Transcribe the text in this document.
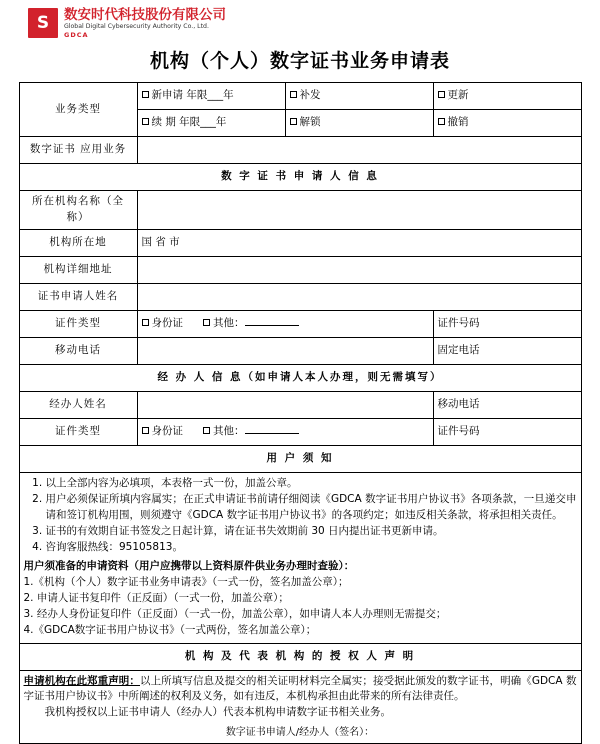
S 数安时代科技股份有限公司
Global Digital Cybersecurity Authority Co., Ltd.
GDCA
机构（个人）数字证书业务申请表
业务类型	新申请 年限___年	补发	更新
	续 期 年限___年	解锁	撤销
数字证书 应用业务			
数 字 证 书 申 请 人 信 息			
所在机构名称（全称）			
机构所在地	国 省 市		
机构详细地址			
证书申请人姓名			
证件类型	身份证 其他：		证件号码
移动电话			固定电话
经 办 人 信 息（如申请人本人办理，则无需填写）			
经办人姓名			移动电话
证件类型	身份证 其他：		证件号码
用 户 须 知			

1. 以上全部内容为必填项，本表格一式一份，加盖公章。
2. 用户必须保证所填内容属实；在正式申请证书前请仔细阅读《GDCA 数字证书用户协议书》各项条款，一旦递交申请和签订机构用围，则须遵守《GDCA 数字证书用户协议书》的各项约定；如违反相关条款，将承担相关责任。
3. 证书的有效期自证书签发之日起计算，请在证书失效期前 30 日内提出证书更新申请。
4. 咨询客服热线：95105813。
用户须准备的申请资料（用户应携带以上资料原件供业务办理时查验）：
1.《机构（个人）数字证书业务申请表》（一式一份，签名加盖公章）；
2. 申请人证书复印件（正反面）（一式一份，加盖公章）；
3. 经办人身份证复印件（正反面）（一式一份，加盖公章），如申请人本人办理则无需提交；
4.《GDCA数字证书用户协议书》（一式两份，签名加盖公章）；

机 构 及 代 表 机 构 的 授 权 人 声 明			

申请机构在此郑重声明：以上所填写信息及提交的相关证明材料完全属实；接受据此颁发的数字证书，明确《GDCA 数字证书用户协议书》中所阐述的权利及义务，如有违反，本机构承担由此带来的所有法律责任。
我机构授权以上证书申请人（经办人）代表本机构申请数字证书相关业务。
数字证书申请人/经办人（签名）：			
